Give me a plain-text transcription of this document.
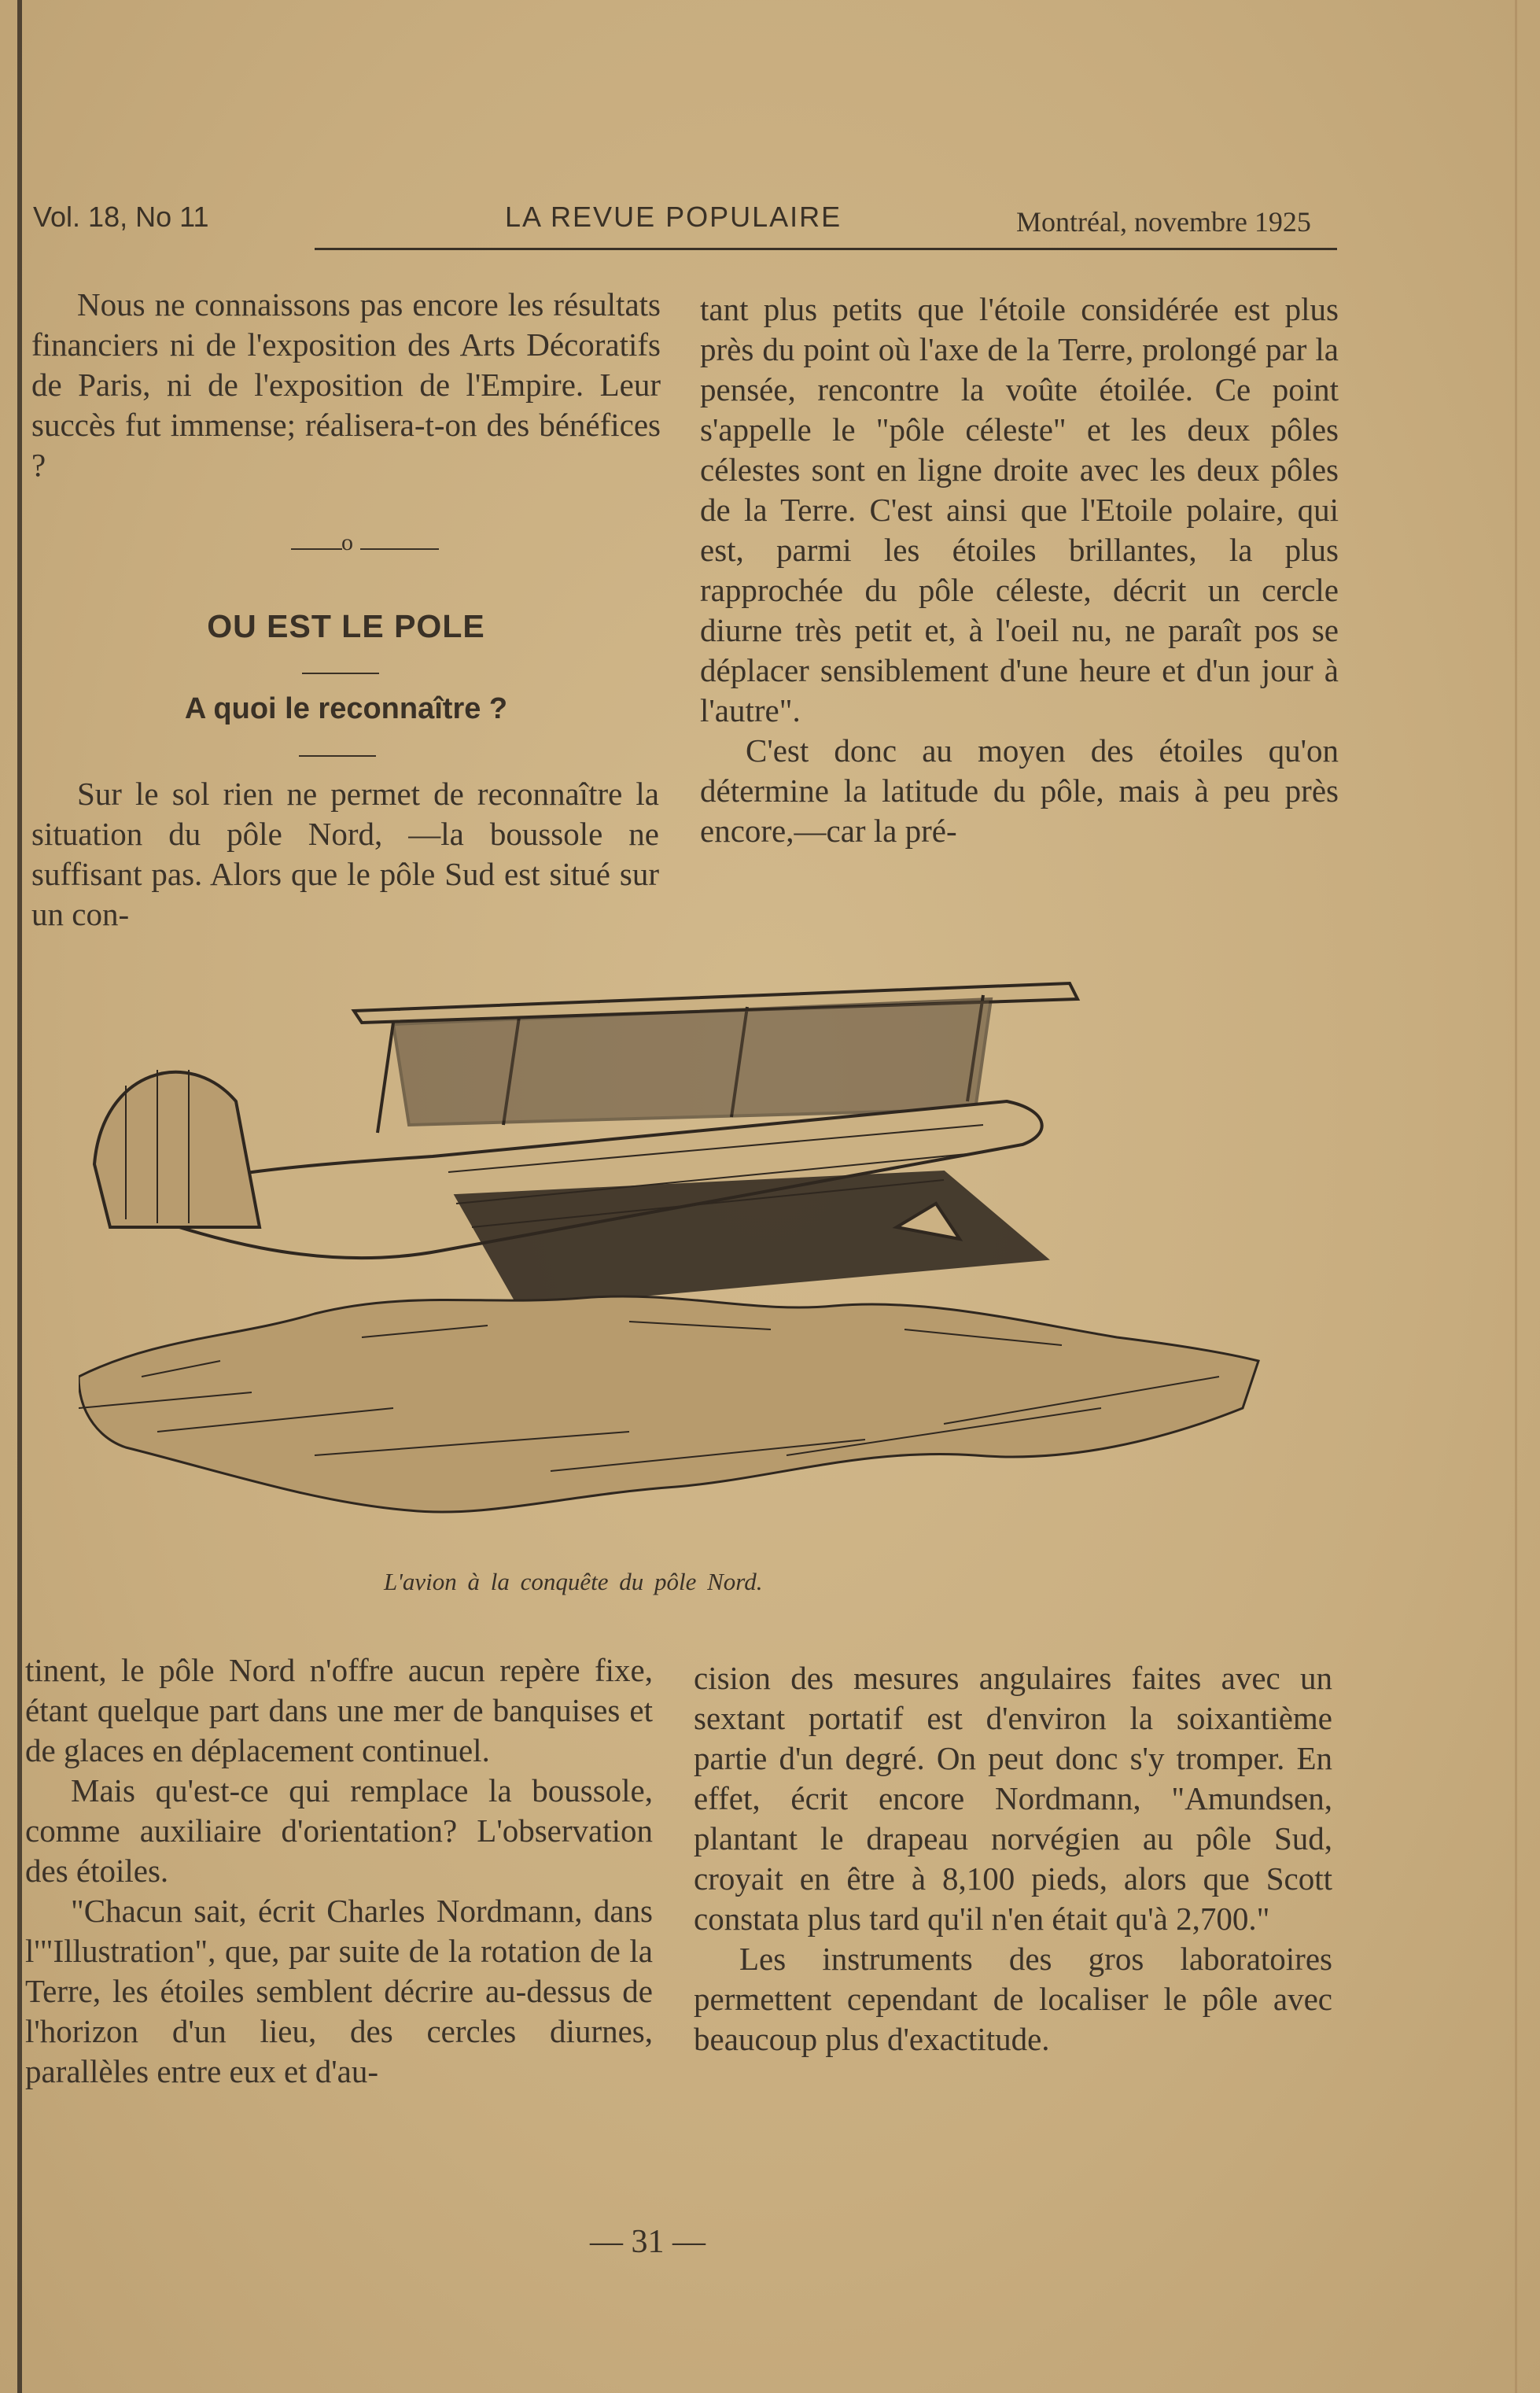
Vol. 18, No 11	LA REVUE POPULAIRE	Montréal, novembre 1925

Nous ne connaissons pas encore les résultats financiers ni de l'exposition des Arts Décoratifs de Paris, ni de l'exposition de l'Empire. Leur succès fut immense; réalisera-t-on des bénéfices ?

o
OU EST LE POLE
A quoi le reconnaître ?

Sur le sol rien ne permet de reconnaître la situation du pôle Nord, —la boussole ne suffisant pas. Alors que le pôle Sud est situé sur un con-

tant plus petits que l'étoile considérée est plus près du point où l'axe de la Terre, prolongé par la pensée, rencontre la voûte étoilée. Ce point s'appelle le "pôle céleste" et les deux pôles célestes sont en ligne droite avec les deux pôles de la Terre. C'est ainsi que l'Etoile polaire, qui est, parmi les étoiles brillantes, la plus rapprochée du pôle céleste, décrit un cercle diurne très petit et, à l'oeil nu, ne paraît pos se déplacer sensiblement d'une heure et d'un jour à l'autre".

C'est donc au moyen des étoiles qu'on détermine la latitude du pôle, mais à peu près encore,—car la pré-

L'avion à la conquête du pôle Nord.

tinent, le pôle Nord n'offre aucun repère fixe, étant quelque part dans une mer de banquises et de glaces en déplacement continuel.

Mais qu'est-ce qui remplace la boussole, comme auxiliaire d'orientation? L'observation des étoiles.

"Chacun sait, écrit Charles Nordmann, dans l'"Illustration", que, par suite de la rotation de la Terre, les étoiles semblent décrire au-dessus de l'horizon d'un lieu, des cercles diurnes, parallèles entre eux et d'au-

cision des mesures angulaires faites avec un sextant portatif est d'environ la soixantième partie d'un degré. On peut donc s'y tromper. En effet, écrit encore Nordmann, "Amundsen, plantant le drapeau norvégien au pôle Sud, croyait en être à 8,100 pieds, alors que Scott constata plus tard qu'il n'en était qu'à 2,700."

Les instruments des gros laboratoires permettent cependant de localiser le pôle avec beaucoup plus d'exactitude.

— 31 —
